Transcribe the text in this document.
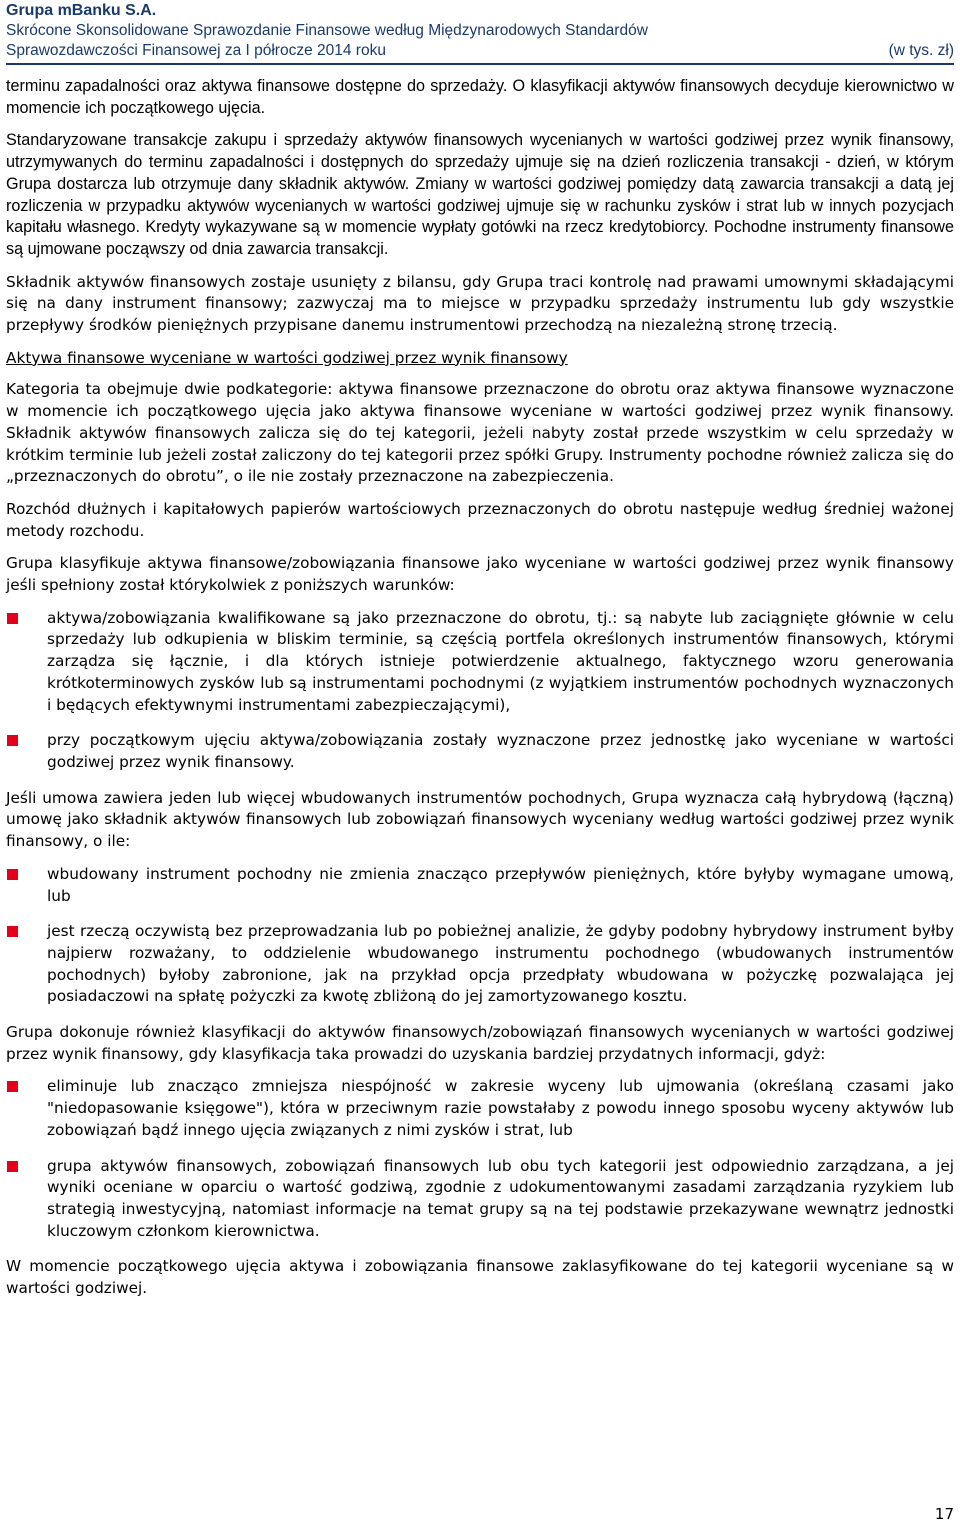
Grupa mBanku S.A.
Skrócone Skonsolidowane Sprawozdanie Finansowe według Międzynarodowych Standardów
Sprawozdawczości Finansowej za I półrocze 2014 roku	(w tys. zł)

terminu zapadalności oraz aktywa finansowe dostępne do sprzedaży. O klasyfikacji aktywów finansowych decyduje kierownictwo w momencie ich początkowego ujęcia.

Standaryzowane transakcje zakupu i sprzedaży aktywów finansowych wycenianych w wartości godziwej przez wynik finansowy, utrzymywanych do terminu zapadalności i dostępnych do sprzedaży ujmuje się na dzień rozliczenia transakcji - dzień, w którym Grupa dostarcza lub otrzymuje dany składnik aktywów. Zmiany w wartości godziwej pomiędzy datą zawarcia transakcji a datą jej rozliczenia w przypadku aktywów wycenianych w wartości godziwej ujmuje się w rachunku zysków i strat lub w innych pozycjach kapitału własnego. Kredyty wykazywane są w momencie wypłaty gotówki na rzecz kredytobiorcy. Pochodne instrumenty finansowe są ujmowane począwszy od dnia zawarcia transakcji.

Składnik aktywów finansowych zostaje usunięty z bilansu, gdy Grupa traci kontrolę nad prawami umownymi składającymi się na dany instrument finansowy; zazwyczaj ma to miejsce w przypadku sprzedaży instrumentu lub gdy wszystkie przepływy środków pieniężnych przypisane danemu instrumentowi przechodzą na niezależną stronę trzecią.

Aktywa finansowe wyceniane w wartości godziwej przez wynik finansowy

Kategoria ta obejmuje dwie podkategorie: aktywa finansowe przeznaczone do obrotu oraz aktywa finansowe wyznaczone w momencie ich początkowego ujęcia jako aktywa finansowe wyceniane w wartości godziwej przez wynik finansowy. Składnik aktywów finansowych zalicza się do tej kategorii, jeżeli nabyty został przede wszystkim w celu sprzedaży w krótkim terminie lub jeżeli został zaliczony do tej kategorii przez spółki Grupy. Instrumenty pochodne również zalicza się do „przeznaczonych do obrotu”, o ile nie zostały przeznaczone na zabezpieczenia.

Rozchód dłużnych i kapitałowych papierów wartościowych przeznaczonych do obrotu następuje według średniej ważonej metody rozchodu.

Grupa klasyfikuje aktywa finansowe/zobowiązania finansowe jako wyceniane w wartości godziwej przez wynik finansowy jeśli spełniony został którykolwiek z poniższych warunków:

aktywa/zobowiązania kwalifikowane są jako przeznaczone do obrotu, tj.: są nabyte lub zaciągnięte głównie w celu sprzedaży lub odkupienia w bliskim terminie, są częścią portfela określonych instrumentów finansowych, którymi zarządza się łącznie, i dla których istnieje potwierdzenie aktualnego, faktycznego wzoru generowania krótkoterminowych zysków lub są instrumentami pochodnymi (z wyjątkiem instrumentów pochodnych wyznaczonych i będących efektywnymi instrumentami zabezpieczającymi),
przy początkowym ujęciu aktywa/zobowiązania zostały wyznaczone przez jednostkę jako wyceniane w wartości godziwej przez wynik finansowy.

Jeśli umowa zawiera jeden lub więcej wbudowanych instrumentów pochodnych, Grupa wyznacza całą hybrydową (łączną) umowę jako składnik aktywów finansowych lub zobowiązań finansowych wyceniany według wartości godziwej przez wynik finansowy, o ile:

wbudowany instrument pochodny nie zmienia znacząco przepływów pieniężnych, które byłyby wymagane umową, lub
jest rzeczą oczywistą bez przeprowadzania lub po pobieżnej analizie, że gdyby podobny hybrydowy instrument byłby najpierw rozważany, to oddzielenie wbudowanego instrumentu pochodnego (wbudowanych instrumentów pochodnych) byłoby zabronione, jak na przykład opcja przedpłaty wbudowana w pożyczkę pozwalająca jej posiadaczowi na spłatę pożyczki za kwotę zbliżoną do jej zamortyzowanego kosztu.

Grupa dokonuje również klasyfikacji do aktywów finansowych/zobowiązań finansowych wycenianych w wartości godziwej przez wynik finansowy, gdy klasyfikacja taka prowadzi do uzyskania bardziej przydatnych informacji, gdyż:

eliminuje lub znacząco zmniejsza niespójność w zakresie wyceny lub ujmowania (określaną czasami jako "niedopasowanie księgowe"), która w przeciwnym razie powstałaby z powodu innego sposobu wyceny aktywów lub zobowiązań bądź innego ujęcia związanych z nimi zysków i strat, lub
grupa aktywów finansowych, zobowiązań finansowych lub obu tych kategorii jest odpowiednio zarządzana, a jej wyniki oceniane w oparciu o wartość godziwą, zgodnie z udokumentowanymi zasadami zarządzania ryzykiem lub strategią inwestycyjną, natomiast informacje na temat grupy są na tej podstawie przekazywane wewnątrz jednostki kluczowym członkom kierownictwa.

W momencie początkowego ujęcia aktywa i zobowiązania finansowe zaklasyfikowane do tej kategorii wyceniane są w wartości godziwej.

17
